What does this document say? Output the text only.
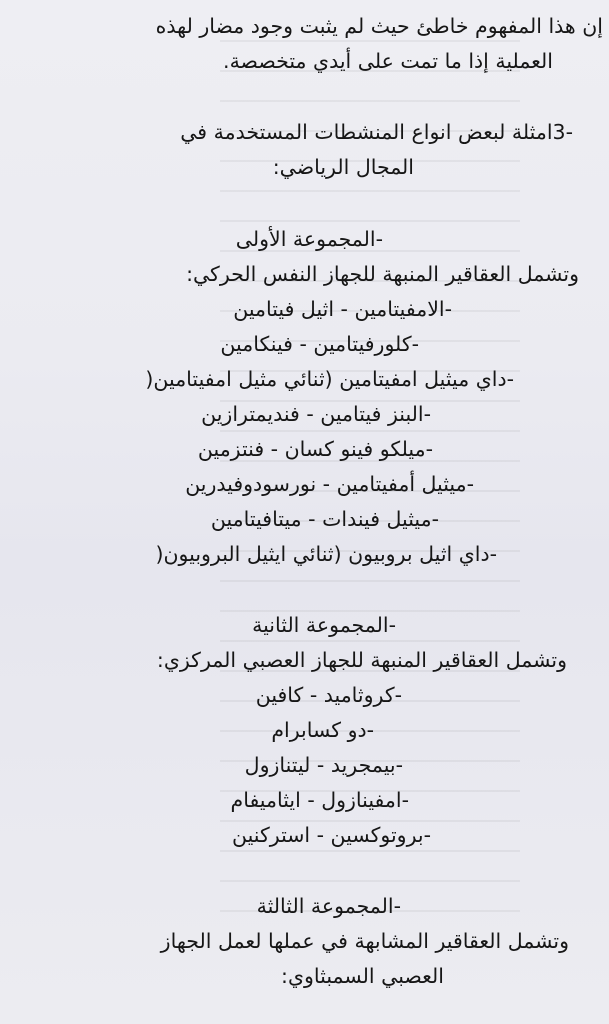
إن هذا المفهوم خاطئ حيث لم يثبت وجود مضار لهذه
العملية إذا ما تمت على أيدي متخصصة.
-3امثلة لبعض انواع المنشطات المستخدمة في
المجال الرياضي:
-المجموعة الأولى
وتشمل العقاقير المنبهة للجهاز النفس الحركي:
-الامفيتامين - اثيل فيتامين
-كلورفيتامين - فينكامين
-داي ميثيل امفيتامين (ثنائي مثيل امفيتامين(
-البنز فيتامين - فنديمترازين
-ميلكو فينو كسان - فنتزمين
-ميثيل أمفيتامين - نورسودوفيدرين
-ميثيل فيندات - ميتافيتامين
-داي اثيل بروبيون (ثنائي ايثيل البروبيون(
-المجموعة الثانية
وتشمل العقاقير المنبهة للجهاز العصبي المركزي:
-كروثاميد - كافين
-دو كسابرام
-بيمجريد - ليتنازول
-امفينازول - ايثاميفام
-بروتوكسين - استركنين
-المجموعة الثالثة
وتشمل العقاقير المشابهة في عملها لعمل الجهاز
العصبي السمبثاوي:
